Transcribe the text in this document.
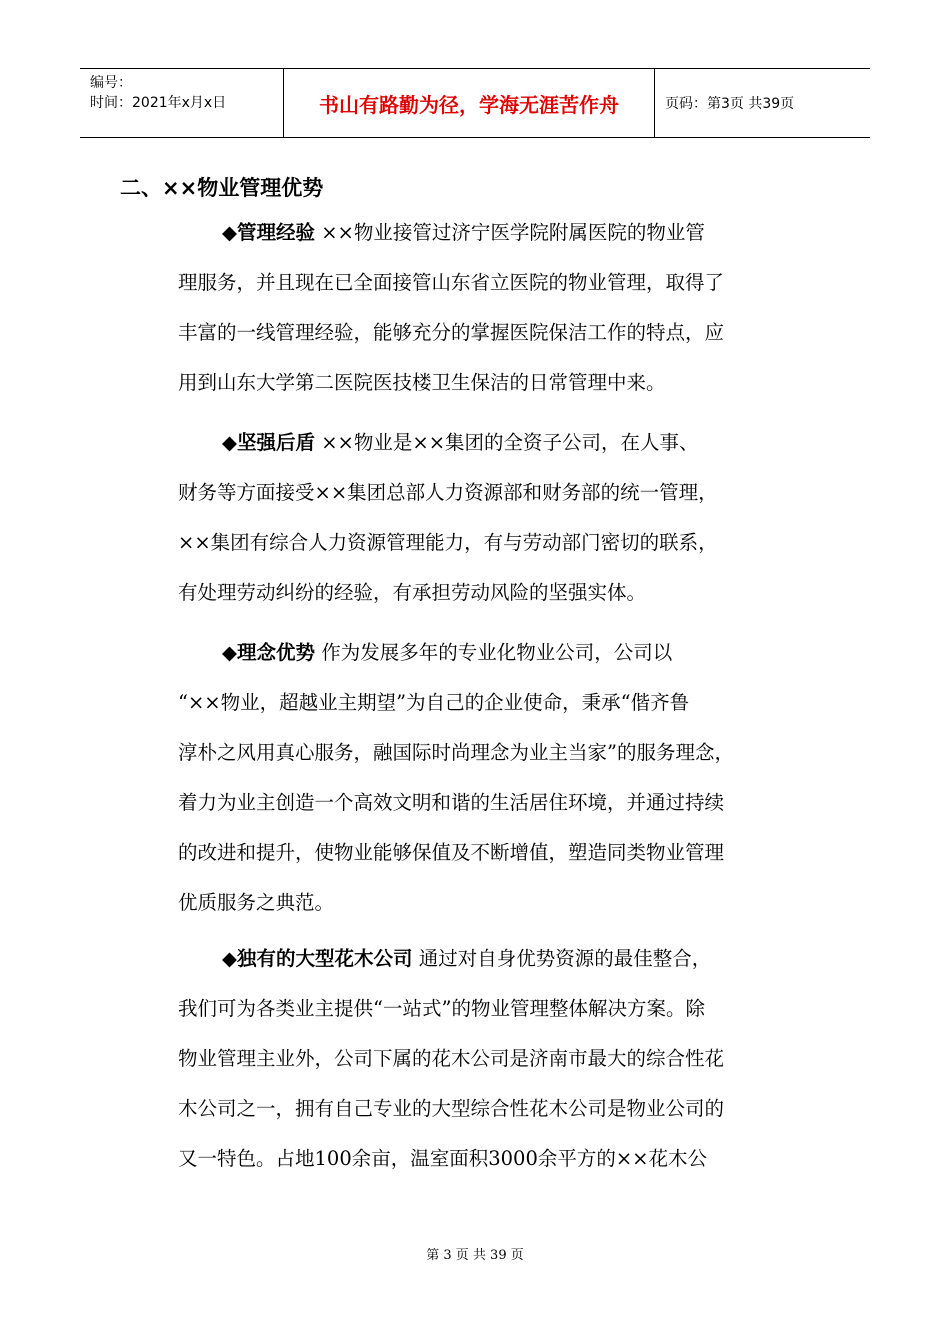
编号：
时间：2021年x月x日	书山有路勤为径，学海无涯苦作舟	页码：第3页 共39页
二、××物业管理优势
◆管理经验 ××物业接管过济宁医学院附属医院的物业管
理服务，并且现在已全面接管山东省立医院的物业管理，取得了
丰富的一线管理经验，能够充分的掌握医院保洁工作的特点，应
用到山东大学第二医院医技楼卫生保洁的日常管理中来。
◆坚强后盾 ××物业是××集团的全资子公司，在人事、
财务等方面接受××集团总部人力资源部和财务部的统一管理，
××集团有综合人力资源管理能力，有与劳动部门密切的联系，
有处理劳动纠纷的经验，有承担劳动风险的坚强实体。
◆理念优势 作为发展多年的专业化物业公司，公司以
“××物业，超越业主期望”为自己的企业使命，秉承“偕齐鲁
淳朴之风用真心服务，融国际时尚理念为业主当家”的服务理念，
着力为业主创造一个高效文明和谐的生活居住环境，并通过持续
的改进和提升，使物业能够保值及不断增值，塑造同类物业管理
优质服务之典范。
◆独有的大型花木公司 通过对自身优势资源的最佳整合，
我们可为各类业主提供“一站式”的物业管理整体解决方案。除
物业管理主业外，公司下属的花木公司是济南市最大的综合性花
木公司之一，拥有自己专业的大型综合性花木公司是物业公司的
又一特色。占地100余亩，温室面积3000余平方的××花木公
第 3 页 共 39 页
